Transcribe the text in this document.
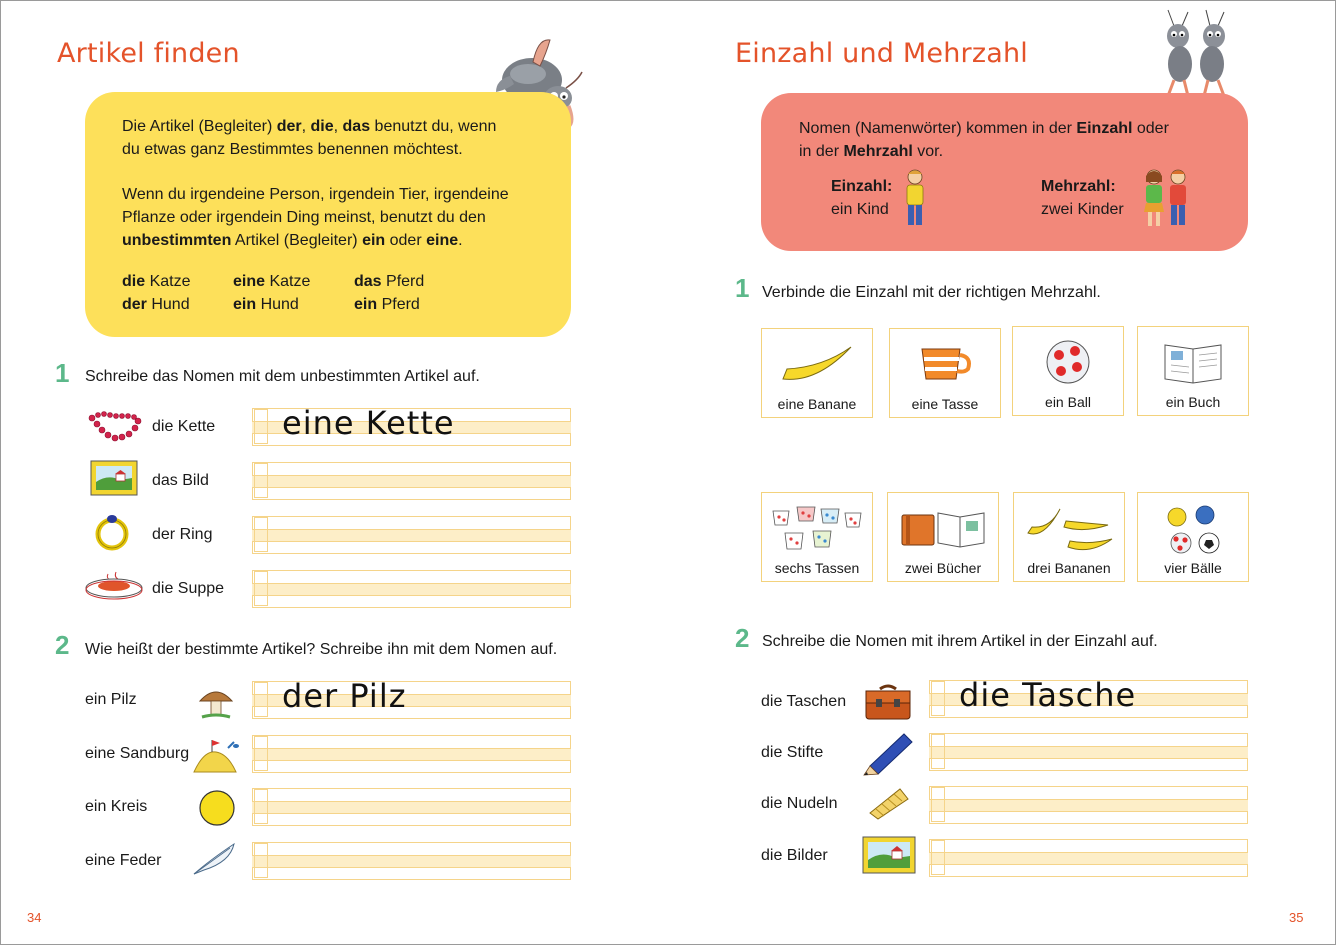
Artikel finden
Die Artikel (Begleiter) der, die, das benutzt du, wenn
du etwas ganz Bestimmtes benennen möchtest.
Wenn du irgendeine Person, irgendein Tier, irgendeine
Pflanze oder irgendein Ding meinst, benutzt du den
unbestimmten Artikel (Begleiter) ein oder eine.
die Katze	eine Katze	das Pferd
der Hund	ein Hund	ein Pferd
1 Schreibe das Nomen mit dem unbestimmten Artikel auf.
die Kette eine Kette
das Bild
der Ring
die Suppe
2 Wie heißt der bestimmte Artikel? Schreibe ihn mit dem Nomen auf.
ein Pilz	der Pilz
eine Sandburg
ein Kreis
eine Feder
34
Einzahl und Mehrzahl
Nomen (Namenwörter) kommen in der Einzahl oder
in der Mehrzahl vor.
Einzahl:
ein Kind
Mehrzahl:
zwei Kinder
1 Verbinde die Einzahl mit der richtigen Mehrzahl.
eine Banane	eine Tasse	ein Ball	ein Buch
sechs Tassen	zwei Bücher	drei Bananen	vier Bälle
2 Schreibe die Nomen mit ihrem Artikel in der Einzahl auf.
die Taschen	die Tasche
die Stifte
die Nudeln
die Bilder
35
